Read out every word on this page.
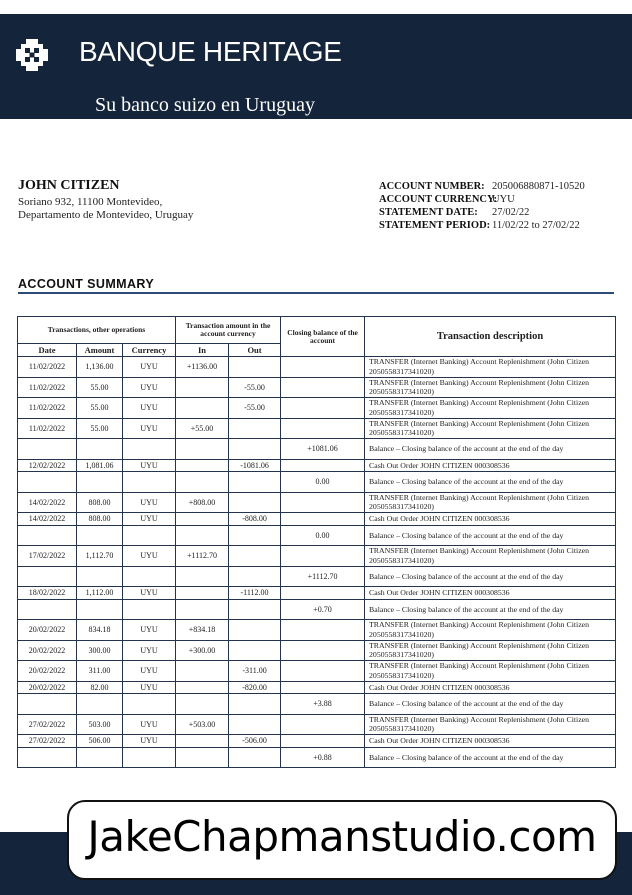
BANQUE HERITAGE
Su banco suizo en Uruguay
JOHN CITIZEN
Soriano 932, 11100 Montevideo,
Departamento de Montevideo, Uruguay
ACCOUNT NUMBER: 205006880871-10520
ACCOUNT CURRENCY:
UYU
STATEMENT DATE: 27/02/22
STATEMENT PERIOD: 11/02/22 to 27/02/22
ACCOUNT SUMMARY
Transactions, other operations			Transaction amount in the account currency		Closing balance of the account	Transaction description
Date	Amount	Currency	In	Out		
11/02/2022	1,136.00	UYU	+1136.00			TRANSFER (Internet Banking) Account Replenishment (John Citizen 2050558317341020)
11/02/2022	55.00	UYU		-55.00		TRANSFER (Internet Banking) Account Replenishment (John Citizen 2050558317341020)
11/02/2022	55.00	UYU		-55.00		TRANSFER (Internet Banking) Account Replenishment (John Citizen 2050558317341020)
11/02/2022	55.00	UYU	+55.00			TRANSFER (Internet Banking) Account Replenishment (John Citizen 2050558317341020)
					+1081.06	Balance – Closing balance of the account at the end of the day
12/02/2022	1,081.06	UYU		-1081.06		Cash Out Order JOHN CITIZEN 000308536
					0.00	Balance – Closing balance of the account at the end of the day
14/02/2022	808.00	UYU	+808.00			TRANSFER (Internet Banking) Account Replenishment (John Citizen 2050558317341020)
14/02/2022	808.00	UYU		-808.00		Cash Out Order JOHN CITIZEN 000308536
					0.00	Balance – Closing balance of the account at the end of the day
17/02/2022	1,112.70	UYU	+1112.70			TRANSFER (Internet Banking) Account Replenishment (John Citizen 2050558317341020)
					+1112.70	Balance – Closing balance of the account at the end of the day
18/02/2022	1,112.00	UYU		-1112.00		Cash Out Order JOHN CITIZEN 000308536
					+0.70	Balance – Closing balance of the account at the end of the day
20/02/2022	834.18	UYU	+834.18			TRANSFER (Internet Banking) Account Replenishment (John Citizen 2050558317341020)
20/02/2022	300.00	UYU	+300.00			TRANSFER (Internet Banking) Account Replenishment (John Citizen 2050558317341020)
20/02/2022	311.00	UYU		-311.00		TRANSFER (Internet Banking) Account Replenishment (John Citizen 2050558317341020)
20/02/2022	82.00	UYU		-820.00		Cash Out Order JOHN CITIZEN 000308536
					+3.88	Balance – Closing balance of the account at the end of the day
27/02/2022	503.00	UYU	+503.00			TRANSFER (Internet Banking) Account Replenishment (John Citizen 2050558317341020)
27/02/2022	506.00	UYU		-506.00		Cash Out Order JOHN CITIZEN 000308536
					+0.88	Balance – Closing balance of the account at the end of the day
JakeChapmanstudio.com
